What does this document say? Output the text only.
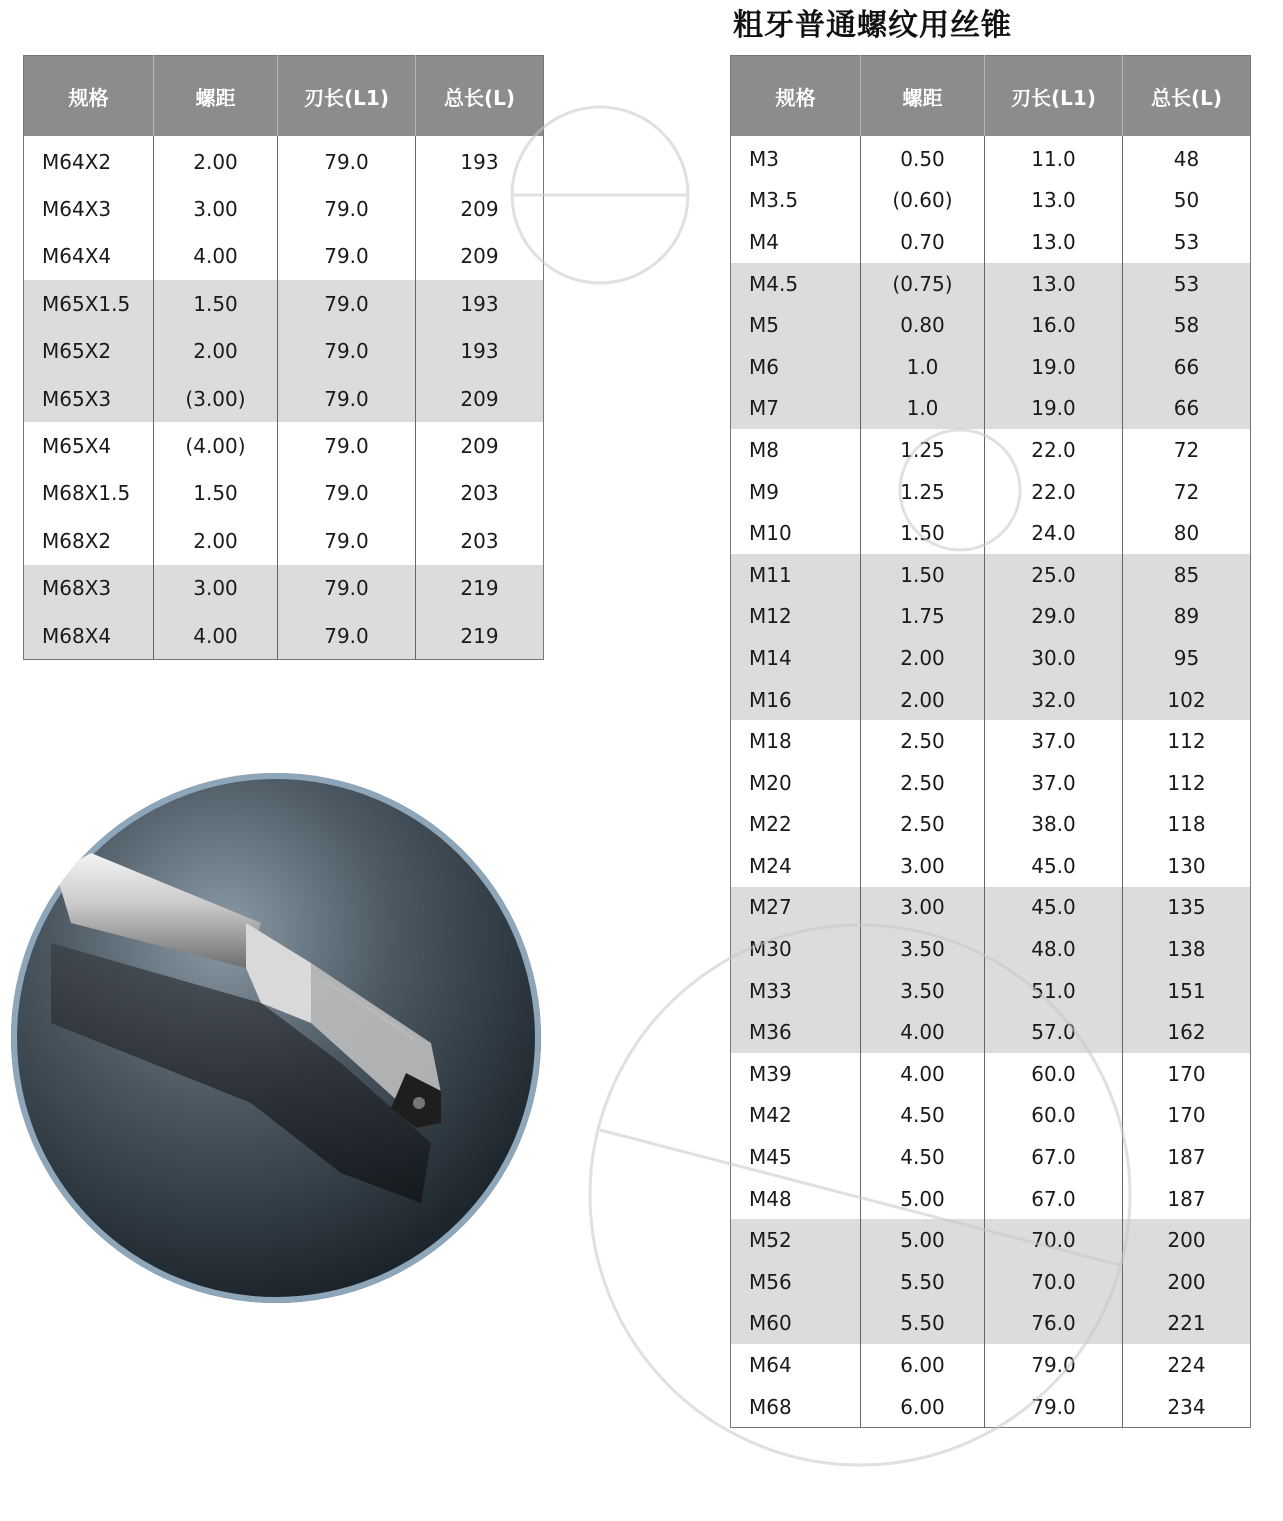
粗牙普通螺纹用丝锥
规格	螺距	刃长(L1)	总长(L)
M64X2	2.00	79.0	193
M64X3	3.00	79.0	209
M64X4	4.00	79.0	209
M65X1.5	1.50	79.0	193
M65X2	2.00	79.0	193
M65X3	(3.00)	79.0	209
M65X4	(4.00)	79.0	209
M68X1.5	1.50	79.0	203
M68X2	2.00	79.0	203
M68X3	3.00	79.0	219
M68X4	4.00	79.0	219
规格	螺距	刃长(L1)	总长(L)
M3	0.50	11.0	48
M3.5	(0.60)	13.0	50
M4	0.70	13.0	53
M4.5	(0.75)	13.0	53
M5	0.80	16.0	58
M6	1.0	19.0	66
M7	1.0	19.0	66
M8	1.25	22.0	72
M9	1.25	22.0	72
M10	1.50	24.0	80
M11	1.50	25.0	85
M12	1.75	29.0	89
M14	2.00	30.0	95
M16	2.00	32.0	102
M18	2.50	37.0	112
M20	2.50	37.0	112
M22	2.50	38.0	118
M24	3.00	45.0	130
M27	3.00	45.0	135
M30	3.50	48.0	138
M33	3.50	51.0	151
M36	4.00	57.0	162
M39	4.00	60.0	170
M42	4.50	60.0	170
M45	4.50	67.0	187
M48	5.00	67.0	187
M52	5.00	70.0	200
M56	5.50	70.0	200
M60	5.50	76.0	221
M64	6.00	79.0	224
M68	6.00	79.0	234
